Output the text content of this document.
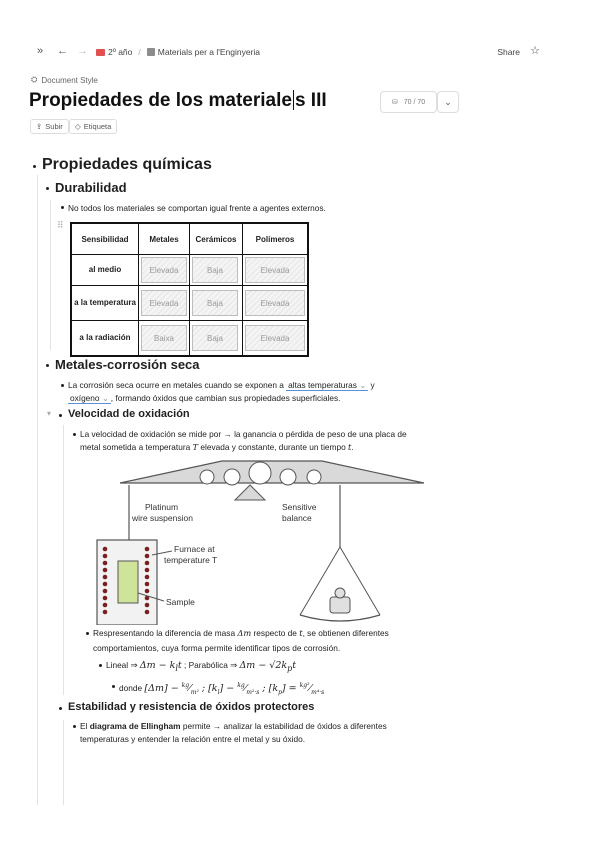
» ← → 2º año / Materials per a l'Enginyeria	Share ☆
⛭ Document Style
Propiedades de los materiale s III	⛁ 70 / 70	⌄
⇪ Subir ◇ Etiqueta
Propiedades químicas
Durabilidad
No todos los materiales se comportan igual frente a agentes externos.
⠿
Sensibilidad	Metales	Cerámicos	Polímeros
al medio	Elevada	Baja	Elevada

a la temperatura	Elevada	Baja	Elevada

a la radiación	Baixa	Baja	Elevada
Metales-corrosión seca
La corrosión seca ocurre en metales cuando se exponen a altas temperaturas ⌄ y
oxígeno ⌄ , formando óxidos que cambian sus propiedades superficiales.
▾ Velocidad de oxidación
La velocidad de oxidación se mide por → la ganancia o pérdida de peso de una placa de
metal sometida a temperatura T elevada y constante, durante un tiempo t.
Platinum
wire suspension
Sensitive
balance
Furnace at
temperature T
Sample
Respresentando la diferencia de masa Δm respecto de t, se obtienen diferentes
comportamientos, cuya forma permite identificar tipos de corrosión.
Lineal ⇒ $\Delta m - k_lt$ ; Parabólica ⇒ $\Delta m - √2k_pt$
donde $[\Delta m] - ^{kg}⁄_{m^2}$ ; $[k_l]$ − $^{kg}⁄_{m^2\cdot s}$ ; $[k_p]$ = $^{kg^2}⁄_{m^4\cdot s}$
Estabilidad y resistencia de óxidos protectores
El diagrama de Ellingham permite → analizar la estabilidad de óxidos a diferentes
temperaturas y entender la relación entre el metal y su óxido.
